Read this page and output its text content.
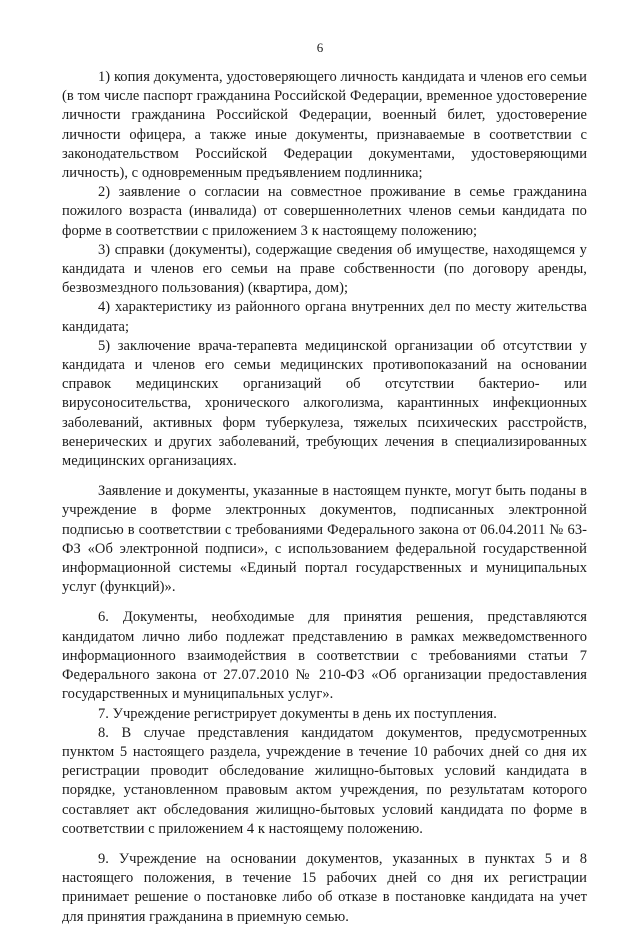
6

1) копия документа, удостоверяющего личность кандидата и членов его семьи (в том числе паспорт гражданина Российской Федерации, временное удостоверение личности гражданина Российской Федерации, военный билет, удостоверение личности офицера, а также иные документы, признаваемые в соответствии с законодательством Российской Федерации документами, удостоверяющими личность), с одновременным предъявлением подлинника;

2) заявление о согласии на совместное проживание в семье гражданина пожилого возраста (инвалида) от совершеннолетних членов семьи кандидата по форме в соответствии с приложением 3 к настоящему положению;

3) справки (документы), содержащие сведения об имуществе, находящемся у кандидата и членов его семьи на праве собственности (по договору аренды, безвозмездного пользования) (квартира, дом);

4) характеристику из районного органа внутренних дел по месту жительства кандидата;

5) заключение врача-терапевта медицинской организации об отсутствии у кандидата и членов его семьи медицинских противопоказаний на основании справок медицинских организаций об отсутствии бактерио- или вирусоносительства, хронического алкоголизма, карантинных инфекционных заболеваний, активных форм туберкулеза, тяжелых психических расстройств, венерических и других заболеваний, требующих лечения в специализированных медицинских организациях.

Заявление и документы, указанные в настоящем пункте, могут быть поданы в учреждение в форме электронных документов, подписанных электронной подписью в соответствии с требованиями Федерального закона от 06.04.2011 № 63-ФЗ «Об электронной подписи», с использованием федеральной государственной информационной системы «Единый портал государственных и муниципальных услуг (функций)».

6. Документы, необходимые для принятия решения, представляются кандидатом лично либо подлежат представлению в рамках межведомственного информационного взаимодействия в соответствии с требованиями статьи 7 Федерального закона от 27.07.2010 № 210-ФЗ «Об организации предоставления государственных и муниципальных услуг».

7. Учреждение регистрирует документы в день их поступления.

8. В случае представления кандидатом документов, предусмотренных пунктом 5 настоящего раздела, учреждение в течение 10 рабочих дней со дня их регистрации проводит обследование жилищно-бытовых условий кандидата в порядке, установленном правовым актом учреждения, по результатам которого составляет акт обследования жилищно-бытовых условий кандидата по форме в соответствии с приложением 4 к настоящему положению.

9. Учреждение на основании документов, указанных в пунктах 5 и 8 настоящего положения, в течение 15 рабочих дней со дня их регистрации принимает решение о постановке либо об отказе в постановке кандидата на учет для принятия гражданина в приемную семью.
